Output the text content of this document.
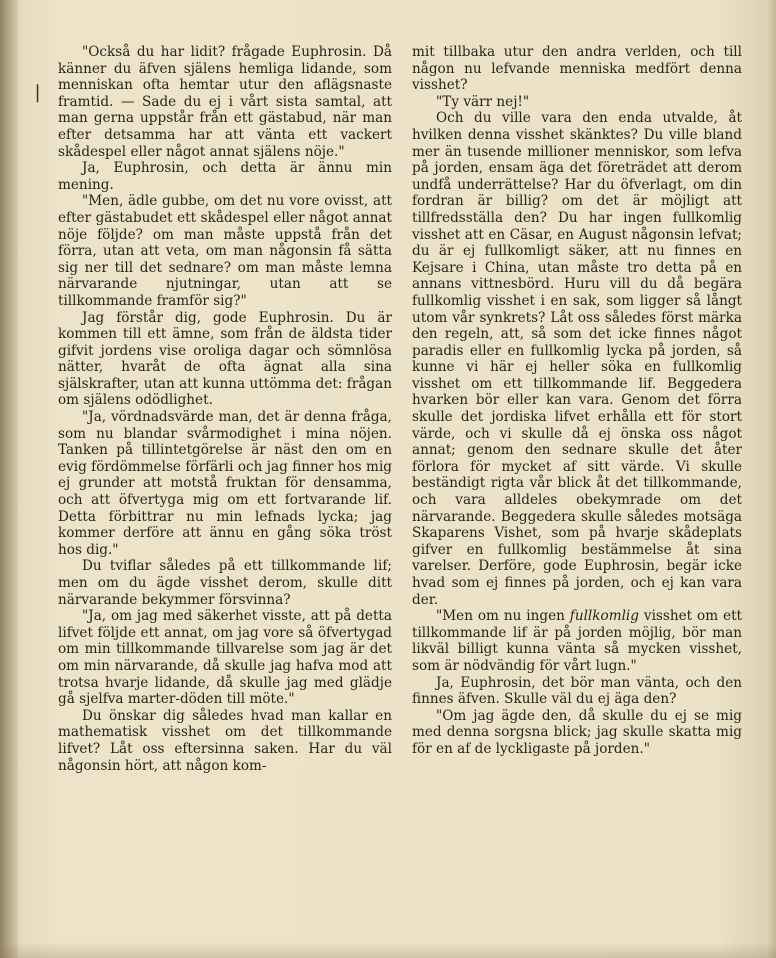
❘

"Också du har lidit? frågade Euphrosin. Då känner du äfven själens hemliga lidande, som menniskan ofta hemtar utur den aflägsnaste framtid. — Sade du ej i vårt sista samtal, att man gerna uppstår från ett gästabud, när man efter detsamma har att vänta ett vackert skådespel eller något annat själens nöje."

Ja, Euphrosin, och detta är ännu min mening.

"Men, ädle gubbe, om det nu vore ovisst, att efter gästabudet ett skådespel eller något annat nöje följde? om man måste uppstå från det förra, utan att veta, om man någonsin få sätta sig ner till det sednare? om man måste lemna närvarande njutningar, utan att se tillkommande framför sig?"

Jag förstår dig, gode Euphrosin. Du är kommen till ett ämne, som från de äldsta tider gifvit jordens vise oroliga dagar och sömnlösa nätter, hvaråt de ofta ägnat alla sina själskrafter, utan att kunna uttömma det: frågan om själens odödlighet.

"Ja, vördnadsvärde man, det är denna fråga, som nu blandar svårmodighet i mina nöjen. Tanken på tillintetgörelse är näst den om en evig fördömmelse förfärli och jag finner hos mig ej grunder att motstå fruktan för densamma, och att öfvertyga mig om ett fortvarande lif. Detta förbittrar nu min lefnads lycka; jag kommer derföre att ännu en gång söka tröst hos dig."

Du tviflar således på ett tillkommande lif; men om du ägde visshet derom, skulle ditt närvarande bekymmer försvinna?

"Ja, om jag med säkerhet visste, att på detta lifvet följde ett annat, om jag vore så öfvertygad om min tillkommande tillvarelse som jag är det om min närvarande, då skulle jag hafva mod att trotsa hvarje lidande, då skulle jag med glädje gå sjelfva marter-döden till möte."

Du önskar dig således hvad man kallar en mathematisk visshet om det tillkommande lifvet? Låt oss eftersinna saken. Har du väl någonsin hört, att någon kom-

mit tillbaka utur den andra verlden, och till någon nu lefvande menniska medfört denna visshet?

"Ty värr nej!"

Och du ville vara den enda utvalde, åt hvilken denna visshet skänktes? Du ville bland mer än tusende millioner menniskor, som lefva på jorden, ensam äga det företrädet att derom undfå underrättelse? Har du öfverlagt, om din fordran är billig? om det är möjligt att tillfredsställa den? Du har ingen fullkomlig visshet att en Cäsar, en August någonsin lefvat; du är ej fullkomligt säker, att nu finnes en Kejsare i China, utan måste tro detta på en annans vittnesbörd. Huru vill du då begära fullkomlig visshet i en sak, som ligger så långt utom vår synkrets? Låt oss således först märka den regeln, att, så som det icke finnes något paradis eller en fullkomlig lycka på jorden, så kunne vi här ej heller söka en fullkomlig visshet om ett tillkommande lif. Beggedera hvarken bör eller kan vara. Genom det förra skulle det jordiska lifvet erhålla ett för stort värde, och vi skulle då ej önska oss något annat; genom den sednare skulle det åter förlora för mycket af sitt värde. Vi skulle beständigt rigta vår blick åt det tillkommande, och vara alldeles obekymrade om det närvarande. Beggedera skulle således motsäga Skaparens Vishet, som på hvarje skådeplats gifver en fullkomlig bestämmelse åt sina varelser. Derföre, gode Euphrosin, begär icke hvad som ej finnes på jorden, och ej kan vara der.

"Men om nu ingen fullkomlig visshet om ett tillkommande lif är på jorden möjlig, bör man likväl billigt kunna vänta så mycken visshet, som är nödvändig för vårt lugn."

Ja, Euphrosin, det bör man vänta, och den finnes äfven. Skulle väl du ej äga den?

"Om jag ägde den, då skulle du ej se mig med denna sorgsna blick; jag skulle skatta mig för en af de lyckligaste på jorden."
